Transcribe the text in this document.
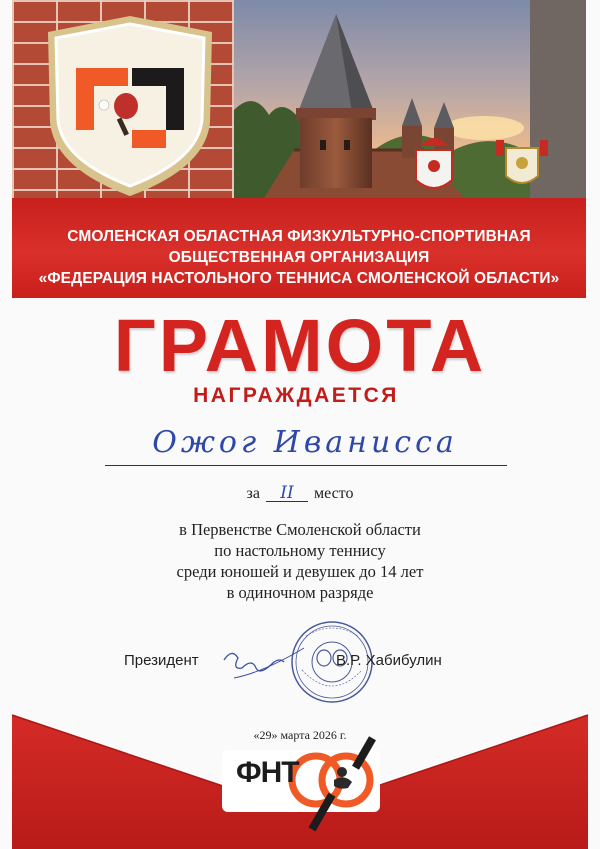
СМОЛЕНСКАЯ ОБЛАСТНАЯ ФИЗКУЛЬТУРНО-СПОРТИВНАЯ
ОБЩЕСТВЕННАЯ ОРГАНИЗАЦИЯ
«ФЕДЕРАЦИЯ НАСТОЛЬНОГО ТЕННИСА СМОЛЕНСКОЙ ОБЛАСТИ»
ГРАМОТА
НАГРАЖДАЕТСЯ
Ожог Иванисса
за II место
в Первенстве Смоленской области
по настольному теннису
среди юношей и девушек до 14 лет
в одиночном разряде
Президент	В.Р. Хабибулин
«29» марта 2026 г.
ФНТ
